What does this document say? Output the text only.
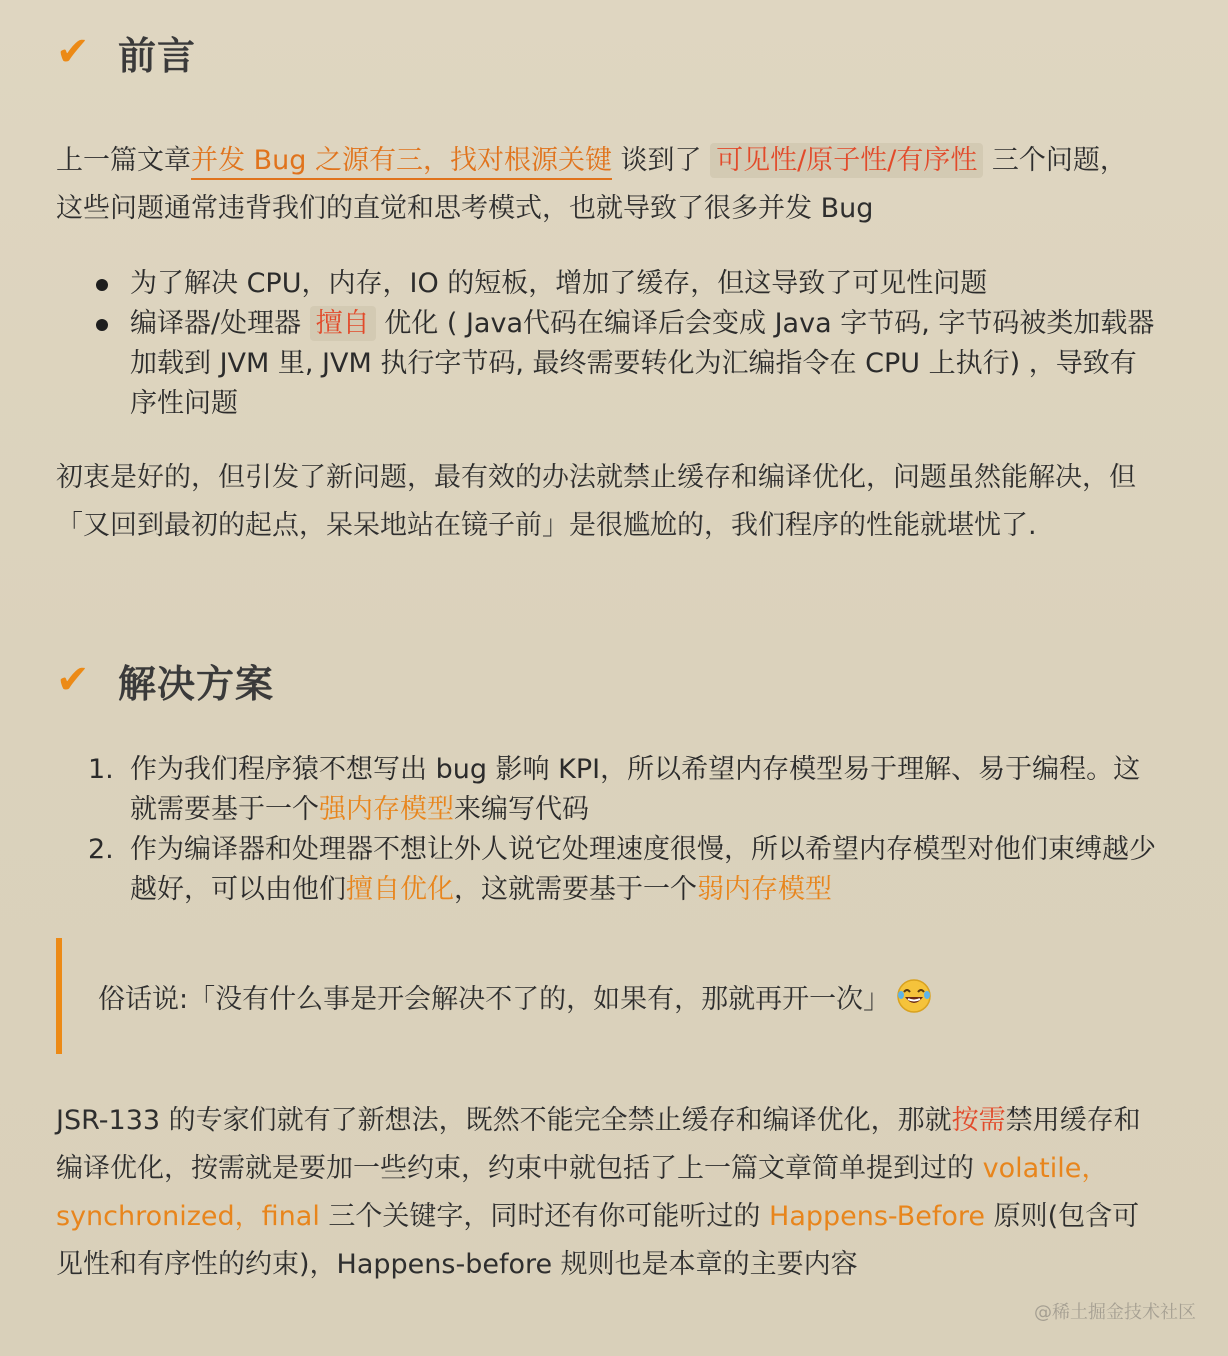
✔ 前言
上一篇文章并发 Bug 之源有三，找对根源关键 谈到了 可见性/原子性/有序性 三个问题，这些问题通常违背我们的直觉和思考模式，也就导致了很多并发 Bug
为了解决 CPU，内存，IO 的短板，增加了缓存，但这导致了可见性问题
编译器/处理器 擅自 优化 ( Java代码在编译后会变成 Java 字节码, 字节码被类加载器加载到 JVM 里, JVM 执行字节码, 最终需要转化为汇编指令在 CPU 上执行) ，导致有序性问题
初衷是好的，但引发了新问题，最有效的办法就禁止缓存和编译优化，问题虽然能解决，但「又回到最初的起点，呆呆地站在镜子前」是很尴尬的，我们程序的性能就堪忧了.
✔ 解决方案
1. 作为我们程序猿不想写出 bug 影响 KPI，所以希望内存模型易于理解、易于编程。这就需要基于一个强内存模型来编写代码
2. 作为编译器和处理器不想让外人说它处理速度很慢，所以希望内存模型对他们束缚越少越好，可以由他们擅自优化，这就需要基于一个弱内存模型
俗话说:「没有什么事是开会解决不了的，如果有，那就再开一次」
JSR-133 的专家们就有了新想法，既然不能完全禁止缓存和编译优化，那就按需禁用缓存和编译优化，按需就是要加一些约束，约束中就包括了上一篇文章简单提到过的 volatile，synchronized，final 三个关键字，同时还有你可能听过的 Happens-Before 原则(包含可见性和有序性的约束)，Happens-before 规则也是本章的主要内容
@稀土掘金技术社区
